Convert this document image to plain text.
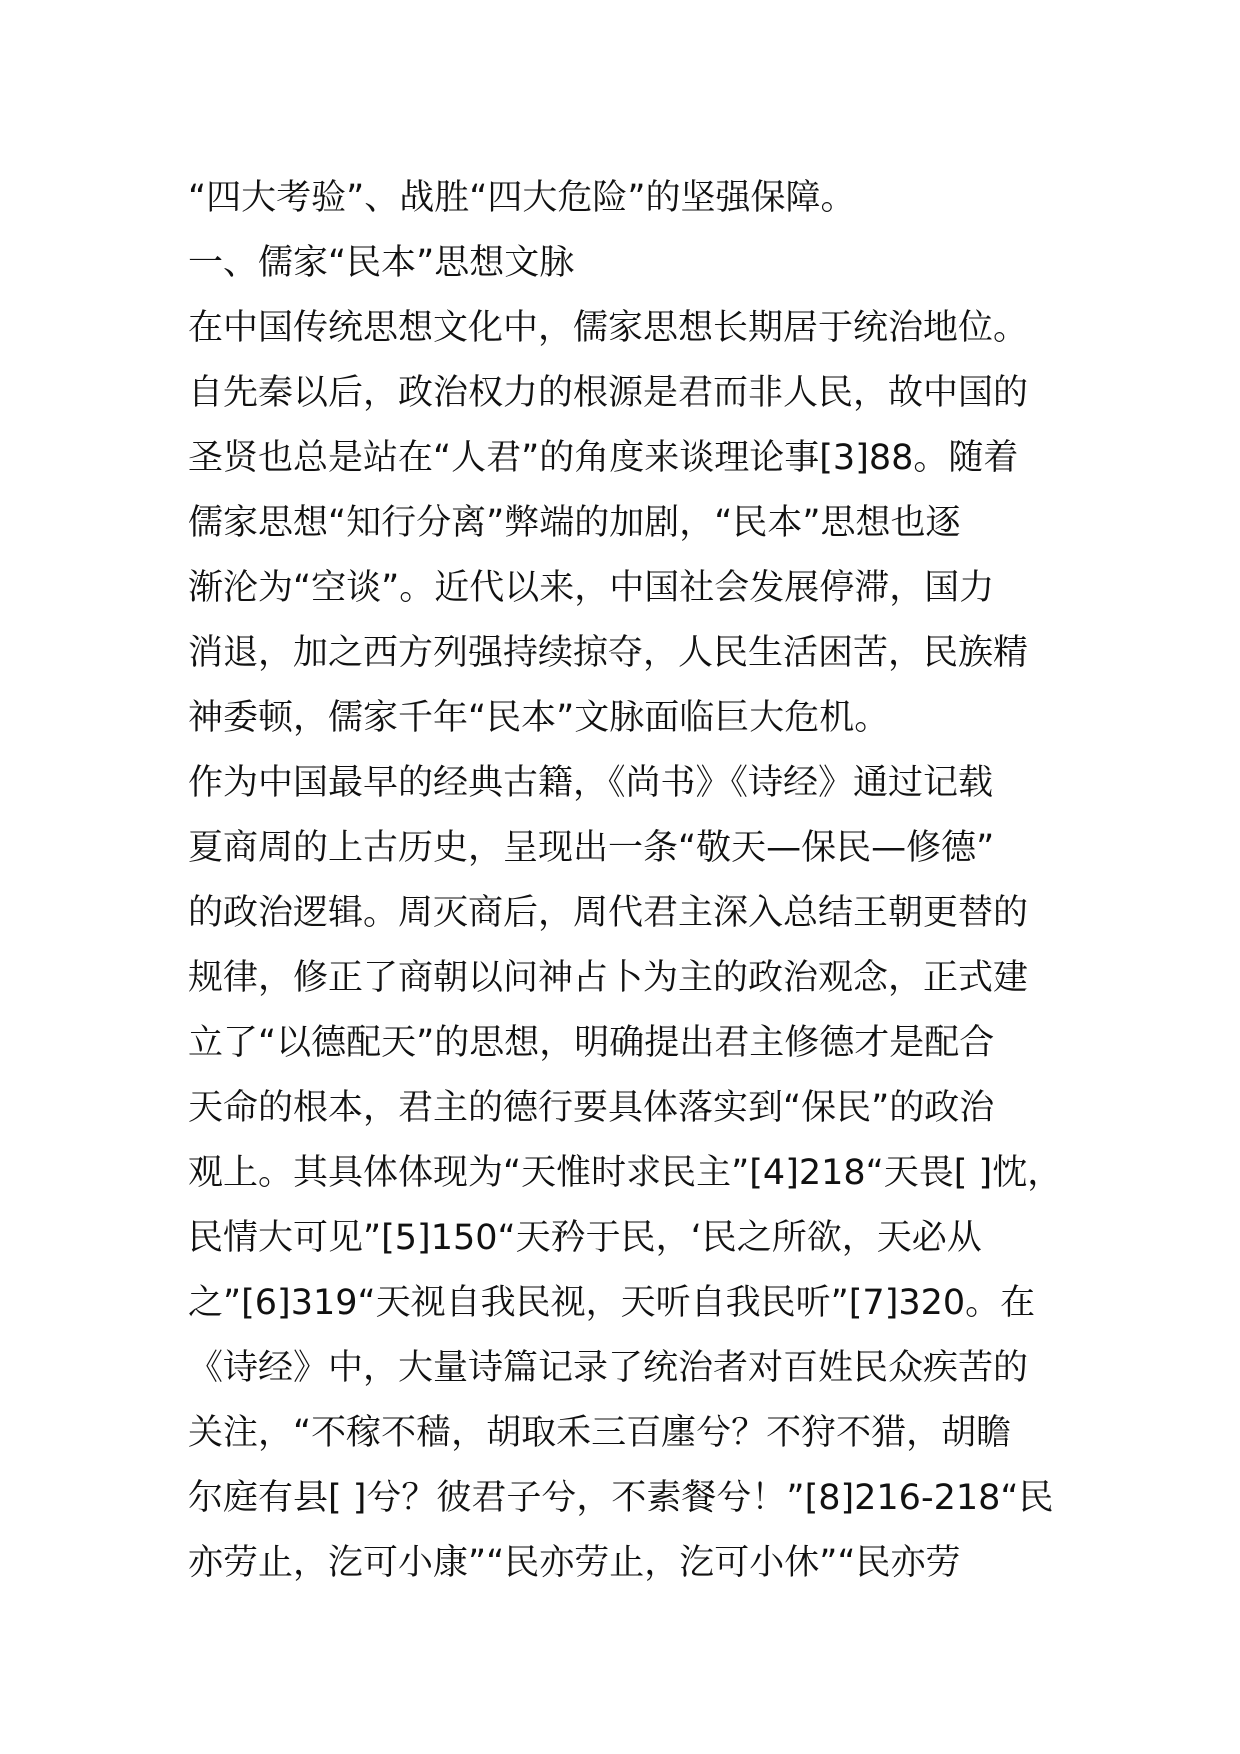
“四大考验”、战胜“四大危险”的坚强保障。
一、儒家“民本”思想文脉
在中国传统思想文化中，儒家思想长期居于统治地位。
自先秦以后，政治权力的根源是君而非人民，故中国的
圣贤也总是站在“人君”的角度来谈理论事[3]88。随着
儒家思想“知行分离”弊端的加剧，“民本”思想也逐
渐沦为“空谈”。近代以来，中国社会发展停滞，国力
消退，加之西方列强持续掠夺，人民生活困苦，民族精
神委顿，儒家千年“民本”文脉面临巨大危机。
作为中国最早的经典古籍，《尚书》《诗经》通过记载
夏商周的上古历史，呈现出一条“敬天—保民—修德”
的政治逻辑。周灭商后，周代君主深入总结王朝更替的
规律，修正了商朝以问神占卜为主的政治观念，正式建
立了“以德配天”的思想，明确提出君主修德才是配合
天命的根本，君主的德行要具体落实到“保民”的政治
观上。其具体体现为“天惟时求民主”[4]218“天畏[ ]忱，
民情大可见”[5]150“天矜于民，‘民之所欲，天必从
之”[6]319“天视自我民视，天听自我民听”[7]320。在
《诗经》中，大量诗篇记录了统治者对百姓民众疾苦的
关注，“不稼不穑，胡取禾三百廛兮？不狩不猎，胡瞻
尔庭有县[ ]兮？彼君子兮，不素餐兮！”[8]216-218“民
亦劳止，汔可小康”“民亦劳止，汔可小休”“民亦劳
